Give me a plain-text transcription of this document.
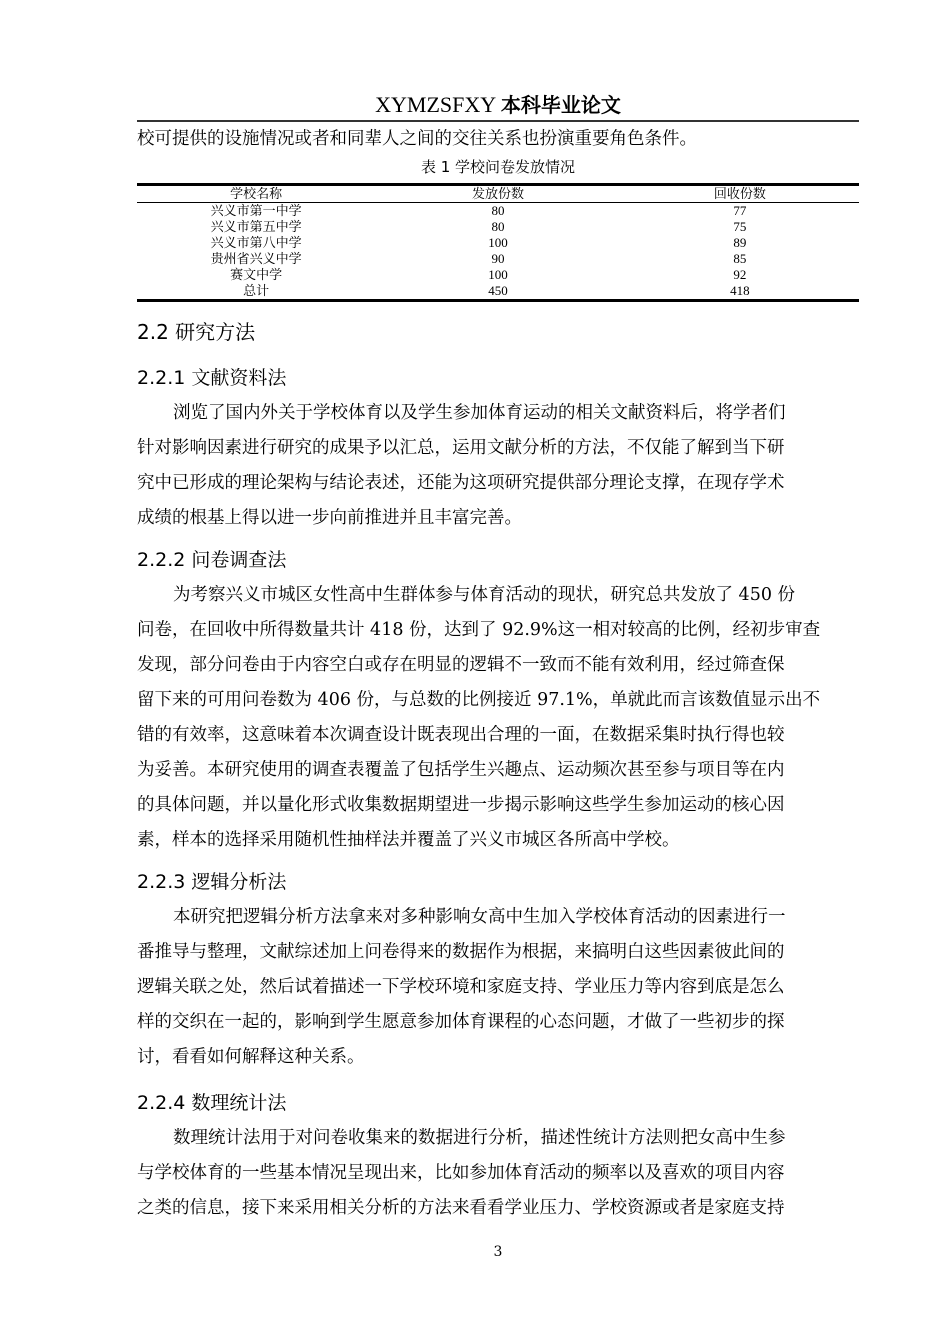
XYMZSFXY 本科毕业论文
校可提供的设施情况或者和同辈人之间的交往关系也扮演重要角色条件。
表 1 学校问卷发放情况
学校名称	发放份数	回收份数
兴义市第一中学	80	77
兴义市第五中学	80	75
兴义市第八中学	100	89
贵州省兴义中学	90	85
赛文中学	100	92
总计	450	418
2.2 研究方法
2.2.1 文献资料法
浏览了国内外关于学校体育以及学生参加体育运动的相关文献资料后，将学者们
针对影响因素进行研究的成果予以汇总，运用文献分析的方法，不仅能了解到当下研
究中已形成的理论架构与结论表述，还能为这项研究提供部分理论支撑，在现存学术
成绩的根基上得以进一步向前推进并且丰富完善。
2.2.2 问卷调查法
为考察兴义市城区女性高中生群体参与体育活动的现状，研究总共发放了 450 份
问卷，在回收中所得数量共计 418 份，达到了 92.9%这一相对较高的比例，经初步审查
发现，部分问卷由于内容空白或存在明显的逻辑不一致而不能有效利用，经过筛查保
留下来的可用问卷数为 406 份，与总数的比例接近 97.1%，单就此而言该数值显示出不
错的有效率，这意味着本次调查设计既表现出合理的一面，在数据采集时执行得也较
为妥善。本研究使用的调查表覆盖了包括学生兴趣点、运动频次甚至参与项目等在内
的具体问题，并以量化形式收集数据期望进一步揭示影响这些学生参加运动的核心因
素，样本的选择采用随机性抽样法并覆盖了兴义市城区各所高中学校。
2.2.3 逻辑分析法
本研究把逻辑分析方法拿来对多种影响女高中生加入学校体育活动的因素进行一
番推导与整理，文献综述加上问卷得来的数据作为根据，来搞明白这些因素彼此间的
逻辑关联之处，然后试着描述一下学校环境和家庭支持、学业压力等内容到底是怎么
样的交织在一起的，影响到学生愿意参加体育课程的心态问题，才做了一些初步的探
讨，看看如何解释这种关系。
2.2.4 数理统计法
数理统计法用于对问卷收集来的数据进行分析，描述性统计方法则把女高中生参
与学校体育的一些基本情况呈现出来，比如参加体育活动的频率以及喜欢的项目内容
之类的信息，接下来采用相关分析的方法来看看学业压力、学校资源或者是家庭支持
3
